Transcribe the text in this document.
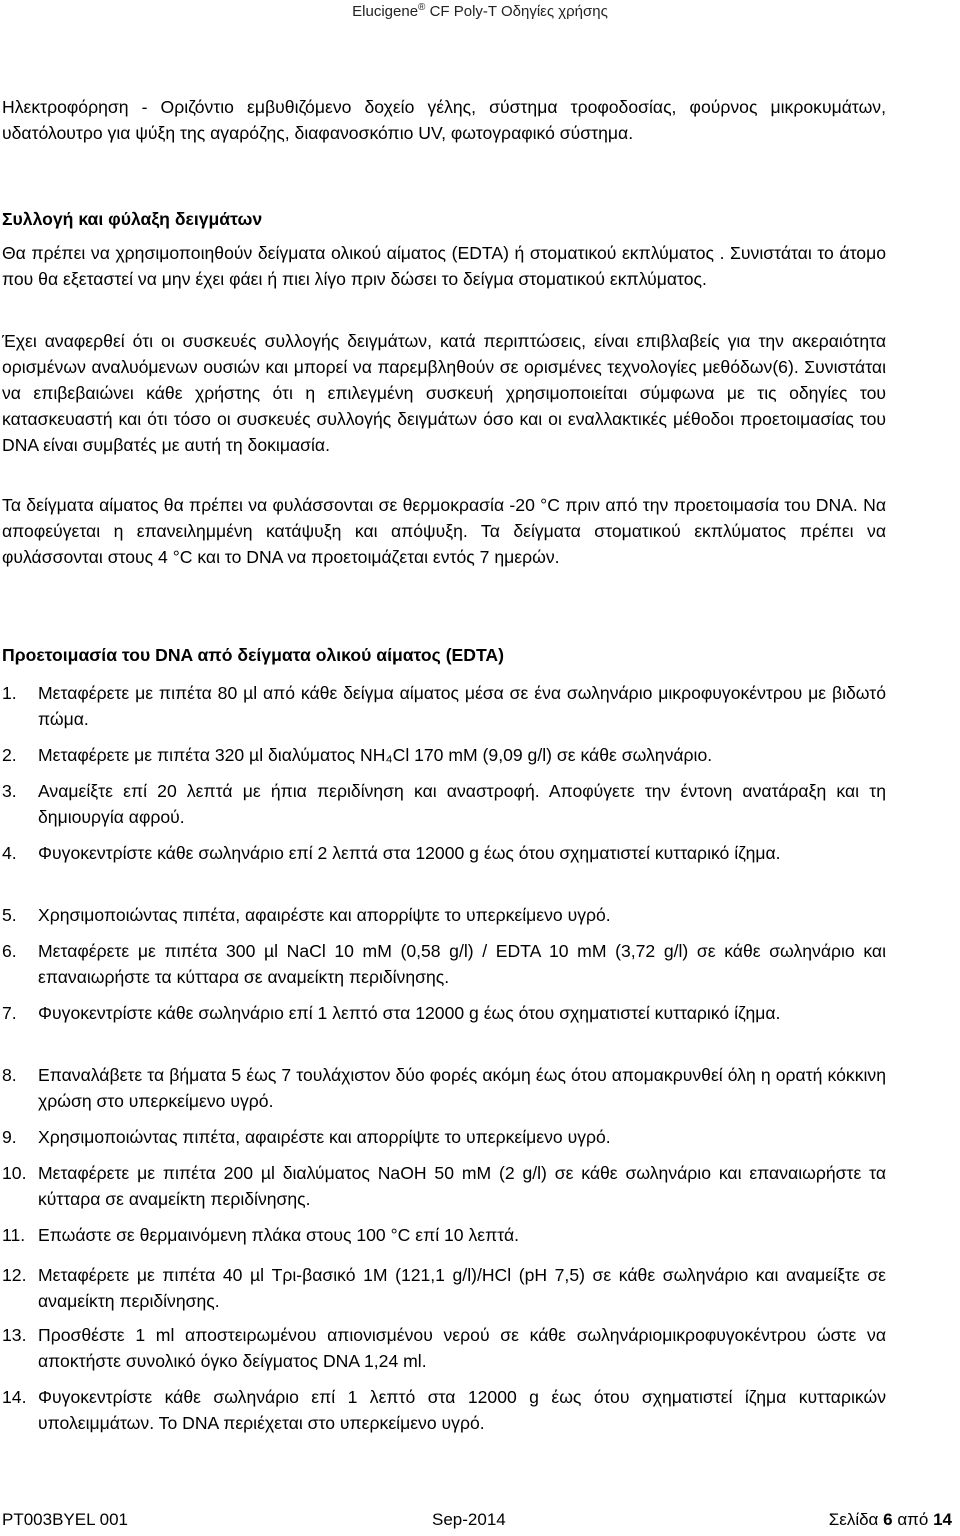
Elucigene® CF Poly-T Οδηγίες χρήσης
Ηλεκτροφόρηση - Οριζόντιο εμβυθιζόμενο δοχείο γέλης, σύστημα τροφοδοσίας, φούρνος μικροκυμάτων, υδατόλουτρο για ψύξη της αγαρόζης, διαφανοσκόπιο UV, φωτογραφικό σύστημα.
Συλλογή και φύλαξη δειγμάτων
Θα πρέπει να χρησιμοποιηθούν δείγματα ολικού αίματος (EDTA) ή στοματικού εκπλύματος . Συνιστάται το άτομο που θα εξεταστεί να μην έχει φάει ή πιει λίγο πριν δώσει το δείγμα στοματικού εκπλύματος.
Έχει αναφερθεί ότι οι συσκευές συλλογής δειγμάτων, κατά περιπτώσεις, είναι επιβλαβείς για την ακεραιότητα ορισμένων αναλυόμενων ουσιών και μπορεί να παρεμβληθούν σε ορισμένες τεχνολογίες μεθόδων(6). Συνιστάται να επιβεβαιώνει κάθε χρήστης ότι η επιλεγμένη συσκευή χρησιμοποιείται σύμφωνα με τις οδηγίες του κατασκευαστή και ότι τόσο οι συσκευές συλλογής δειγμάτων όσο και οι εναλλακτικές μέθοδοι προετοιμασίας του DNA είναι συμβατές με αυτή τη δοκιμασία.
Τα δείγματα αίματος θα πρέπει να φυλάσσονται σε θερμοκρασία -20 °C πριν από την προετοιμασία του DNA. Να αποφεύγεται η επανειλημμένη κατάψυξη και απόψυξη. Τα δείγματα στοματικού εκπλύματος πρέπει να φυλάσσονται στους 4 °C και το DNA να προετοιμάζεται εντός 7 ημερών.
Προετοιμασία του DNA από δείγματα ολικού αίματος (EDTA)
1. Μεταφέρετε με πιπέτα 80 µl από κάθε δείγμα αίματος μέσα σε ένα σωληνάριο μικροφυγοκέντρου με βιδωτό πώμα.
2. Μεταφέρετε με πιπέτα 320 µl διαλύματος NH₄Cl 170 mM (9,09 g/l) σε κάθε σωληνάριο.
3. Αναμείξτε επί 20 λεπτά με ήπια περιδίνηση και αναστροφή. Αποφύγετε την έντονη ανατάραξη και τη δημιουργία αφρού.
4. Φυγοκεντρίστε κάθε σωληνάριο επί 2 λεπτά στα 12000 g έως ότου σχηματιστεί κυτταρικό ίζημα.
5. Χρησιμοποιώντας πιπέτα, αφαιρέστε και απορρίψτε το υπερκείμενο υγρό.
6. Μεταφέρετε με πιπέτα 300 µl NaCl 10 mM (0,58 g/l) / EDTA 10 mM (3,72 g/l) σε κάθε σωληνάριο και επαναιωρήστε τα κύτταρα σε αναμείκτη περιδίνησης.
7. Φυγοκεντρίστε κάθε σωληνάριο επί 1 λεπτό στα 12000 g έως ότου σχηματιστεί κυτταρικό ίζημα.
8. Επαναλάβετε τα βήματα 5 έως 7 τουλάχιστον δύο φορές ακόμη έως ότου απομακρυνθεί όλη η ορατή κόκκινη χρώση στο υπερκείμενο υγρό.
9. Χρησιμοποιώντας πιπέτα, αφαιρέστε και απορρίψτε το υπερκείμενο υγρό.
10. Μεταφέρετε με πιπέτα 200 µl διαλύματος NaOH 50 mM (2 g/l) σε κάθε σωληνάριο και επαναιωρήστε τα κύτταρα σε αναμείκτη περιδίνησης.
11. Επωάστε σε θερμαινόμενη πλάκα στους 100 °C επί 10 λεπτά.
12. Μεταφέρετε με πιπέτα 40 µl Τρι-βασικό 1M (121,1 g/l)/HCl (pH 7,5) σε κάθε σωληνάριο και αναμείξτε σε αναμείκτη περιδίνησης.
13. Προσθέστε 1 ml αποστειρωμένου απιονισμένου νερού σε κάθε σωληνάριομικροφυγοκέντρου ώστε να αποκτήστε συνολικό όγκο δείγματος DNA 1,24 ml.
14. Φυγοκεντρίστε κάθε σωληνάριο επί 1 λεπτό στα 12000 g έως ότου σχηματιστεί ίζημα κυτταρικών υπολειμμάτων. Το DNA περιέχεται στο υπερκείμενο υγρό.
PT003BYEL 001	Sep-2014	Σελίδα 6 από 14
